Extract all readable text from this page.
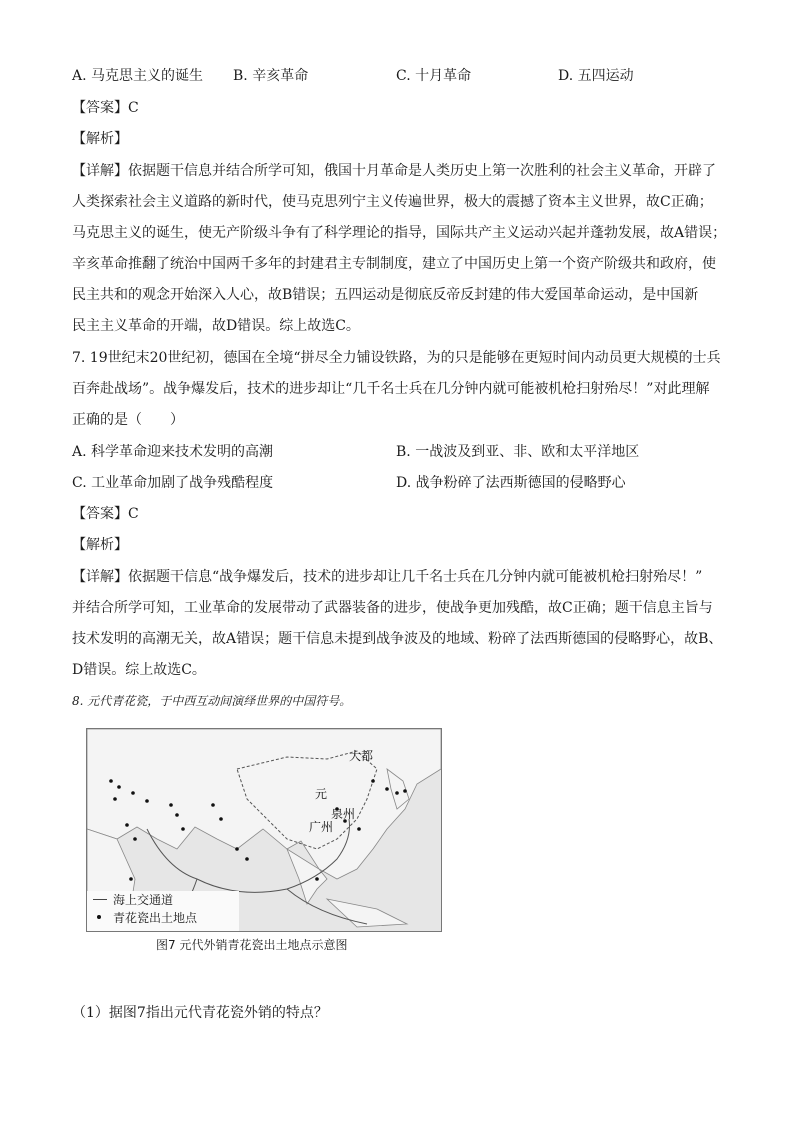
A. 马克思主义的诞生 B. 辛亥革命	C. 十月革命	D. 五四运动
【答案】C
【解析】
【详解】依据题干信息并结合所学可知，俄国十月革命是人类历史上第一次胜利的社会主义革命，开辟了
人类探索社会主义道路的新时代，使马克思列宁主义传遍世界，极大的震撼了资本主义世界，故C正确；
马克思主义的诞生，使无产阶级斗争有了科学理论的指导，国际共产主义运动兴起并蓬勃发展，故A错误；
辛亥革命推翻了统治中国两千多年的封建君主专制制度，建立了中国历史上第一个资产阶级共和政府，使
民主共和的观念开始深入人心，故B错误；五四运动是彻底反帝反封建的伟大爱国革命运动，是中国新
民主主义革命的开端，故D错误。综上故选C。
7. 19世纪末20世纪初，德国在全境“拼尽全力铺设铁路，为的只是能够在更短时间内动员更大规模的士兵
百奔赴战场”。战争爆发后，技术的进步却让“几千名士兵在几分钟内就可能被机枪扫射殆尽！”对此理解
正确的是（　　）
A. 科学革命迎来技术发明的高潮	B. 一战波及到亚、非、欧和太平洋地区
C. 工业革命加剧了战争残酷程度	D. 战争粉碎了法西斯德国的侵略野心
【答案】C
【解析】
【详解】依据题干信息“战争爆发后，技术的进步却让几千名士兵在几分钟内就可能被机枪扫射殆尽！”
并结合所学可知，工业革命的发展带动了武器装备的进步，使战争更加残酷，故C正确；题干信息主旨与
技术发明的高潮无关，故A错误；题干信息未提到战争波及的地域、粉碎了法西斯德国的侵略野心，故B、
D错误。综上故选C。
8. 元代青花瓷，于中西互动间演绎世界的中国符号。
大都
元
泉州
广州
海上交通道
青花瓷出土地点
图7 元代外销青花瓷出土地点示意图
（1）据图7指出元代青花瓷外销的特点？
